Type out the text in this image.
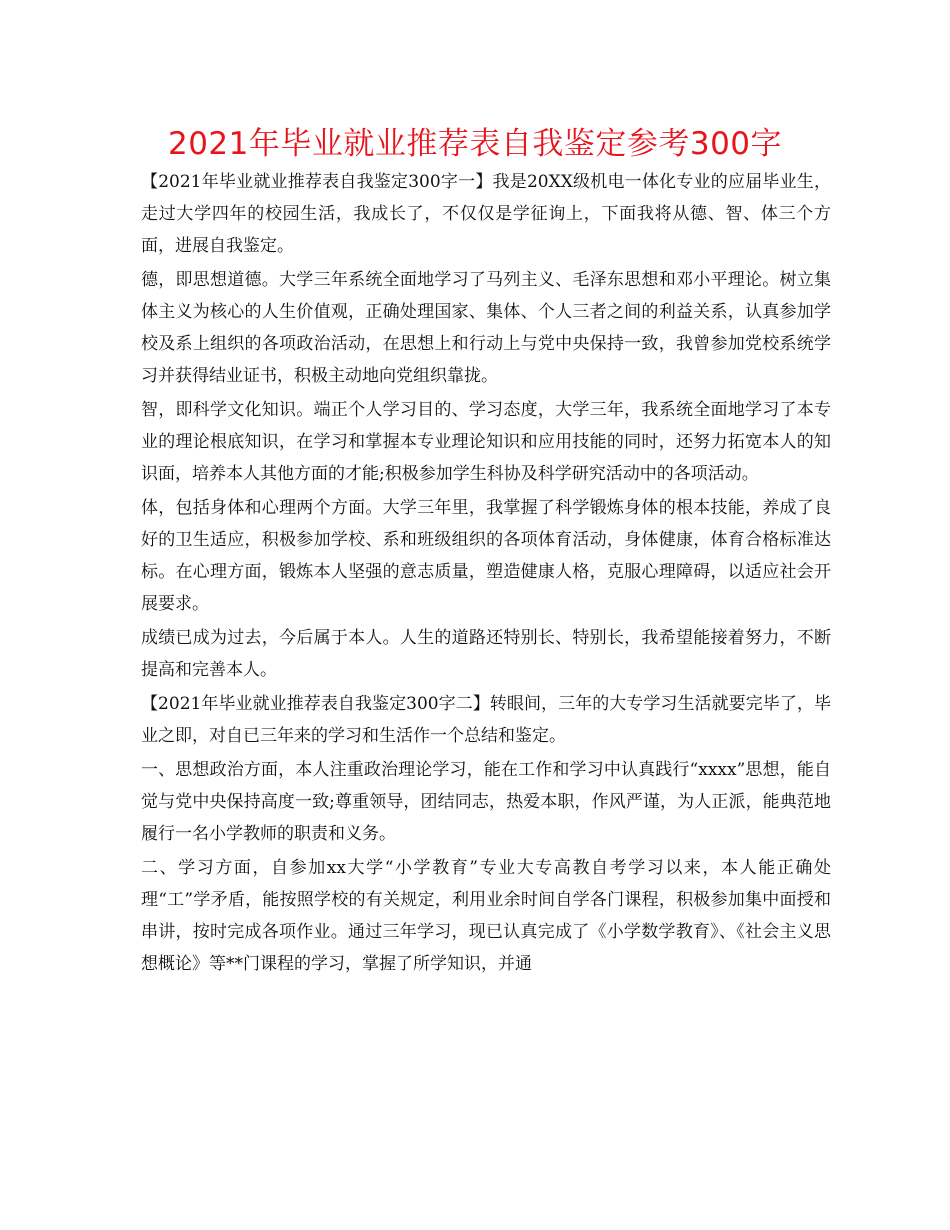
2021年毕业就业推荐表自我鉴定参考300字

【2021年毕业就业推荐表自我鉴定300字一】我是20XX级机电一体化专业的应届毕业生，走过大学四年的校园生活，我成长了，不仅仅是学征询上，下面我将从德、智、体三个方面，进展自我鉴定。

德，即思想道德。大学三年系统全面地学习了马列主义、毛泽东思想和邓小平理论。树立集体主义为核心的人生价值观，正确处理国家、集体、个人三者之间的利益关系，认真参加学校及系上组织的各项政治活动，在思想上和行动上与党中央保持一致，我曾参加党校系统学习并获得结业证书，积极主动地向党组织靠拢。

智，即科学文化知识。端正个人学习目的、学习态度，大学三年，我系统全面地学习了本专业的理论根底知识，在学习和掌握本专业理论知识和应用技能的同时，还努力拓宽本人的知识面，培养本人其他方面的才能;积极参加学生科协及科学研究活动中的各项活动。

体，包括身体和心理两个方面。大学三年里，我掌握了科学锻炼身体的根本技能，养成了良好的卫生适应，积极参加学校、系和班级组织的各项体育活动，身体健康，体育合格标准达标。在心理方面，锻炼本人坚强的意志质量，塑造健康人格，克服心理障碍，以适应社会开展要求。

成绩已成为过去，今后属于本人。人生的道路还特别长、特别长，我希望能接着努力，不断提高和完善本人。

【2021年毕业就业推荐表自我鉴定300字二】转眼间，三年的大专学习生活就要完毕了，毕业之即，对自已三年来的学习和生活作一个总结和鉴定。

一、思想政治方面，本人注重政治理论学习，能在工作和学习中认真践行“xxxx”思想，能自觉与党中央保持高度一致;尊重领导，团结同志，热爱本职，作风严谨，为人正派，能典范地履行一名小学教师的职责和义务。

二、学习方面，自参加xx大学“小学教育”专业大专高教自考学习以来，本人能正确处理“工”学矛盾，能按照学校的有关规定，利用业余时间自学各门课程，积极参加集中面授和串讲，按时完成各项作业。通过三年学习，现已认真完成了《小学数学教育》、《社会主义思想概论》等**门课程的学习，掌握了所学知识，并通
